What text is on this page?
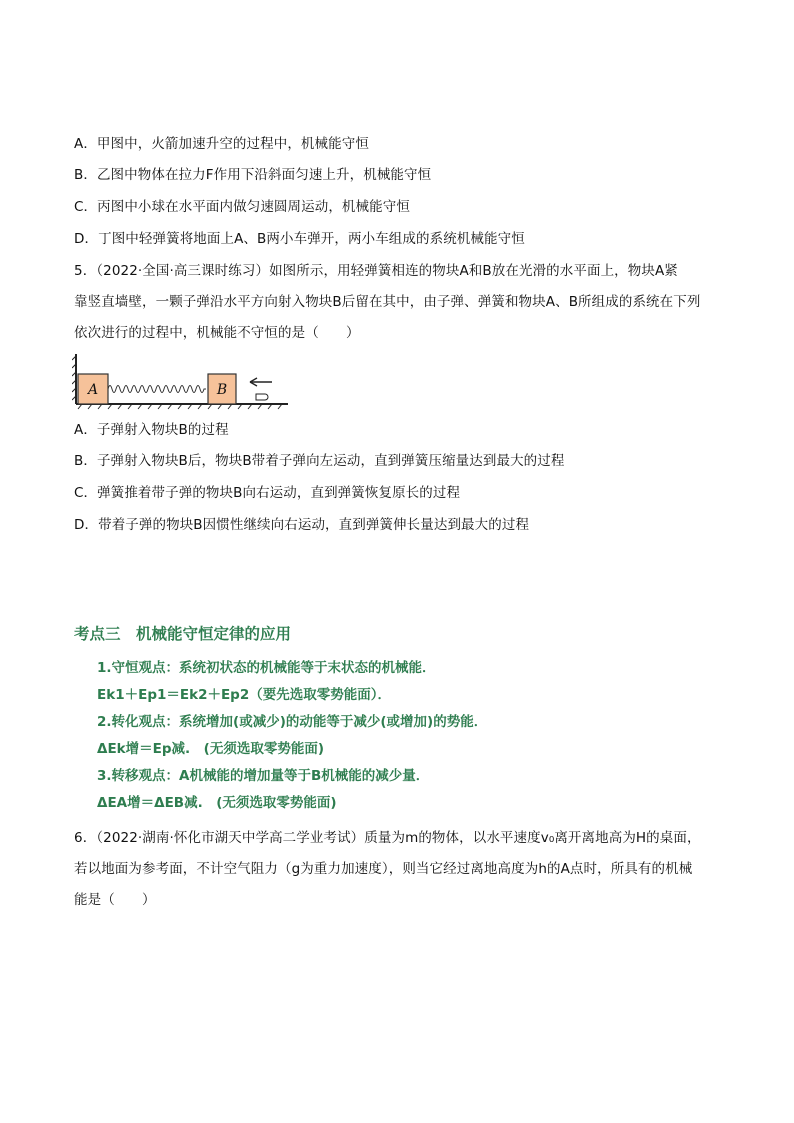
A．甲图中，火箭加速升空的过程中，机械能守恒
B．乙图中物体在拉力F作用下沿斜面匀速上升，机械能守恒
C．丙图中小球在水平面内做匀速圆周运动，机械能守恒
D．丁图中轻弹簧将地面上A、B两小车弹开，两小车组成的系统机械能守恒
5．（2022·全国·高三课时练习）如图所示，用轻弹簧相连的物块A和B放在光滑的水平面上，物块A紧
靠竖直墙壁，一颗子弹沿水平方向射入物块B后留在其中，由子弹、弹簧和物块A、B所组成的系统在下列
依次进行的过程中，机械能不守恒的是（　　）
A	B
A．子弹射入物块B的过程
B．子弹射入物块B后，物块B带着子弹向左运动，直到弹簧压缩量达到最大的过程
C．弹簧推着带子弹的物块B向右运动，直到弹簧恢复原长的过程
D．带着子弹的物块B因惯性继续向右运动，直到弹簧伸长量达到最大的过程
考点三　机械能守恒定律的应用
1.守恒观点：系统初状态的机械能等于末状态的机械能．
Ek1＋Ep1＝Ek2＋Ep2（要先选取零势能面）．
2.转化观点：系统增加(或减少)的动能等于减少(或增加)的势能．
ΔEk增＝Ep减.　(无须选取零势能面)
3.转移观点：A机械能的增加量等于B机械能的减少量．
ΔEA增＝ΔEB减.　(无须选取零势能面)
6．（2022·湖南·怀化市湖天中学高二学业考试）质量为m的物体，以水平速度v₀离开离地高为H的桌面，
若以地面为参考面，不计空气阻力（g为重力加速度），则当它经过离地高度为h的A点时，所具有的机械
能是（　　）
